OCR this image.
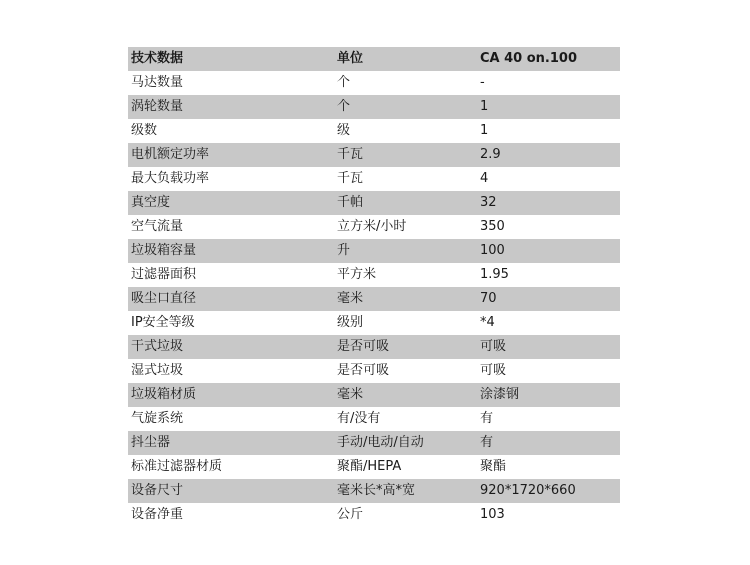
技术数据	单位	CA 40 on.100
马达数量	个	-
涡轮数量	个	1
级数	级	1
电机额定功率	千瓦	2.9
最大负载功率	千瓦	4
真空度	千帕	32
空气流量	立方米/小时	350
垃圾箱容量	升	100
过滤器面积	平方米	1.95
吸尘口直径	毫米	70
IP安全等级	级别	*4
干式垃圾	是否可吸	可吸
湿式垃圾	是否可吸	可吸
垃圾箱材质	毫米	涂漆钢
气旋系统	有/没有	有
抖尘器	手动/电动/自动	有
标准过滤器材质	聚酯/HEPA	聚酯
设备尺寸	毫米长*高*宽	920*1720*660
设备净重	公斤	103
